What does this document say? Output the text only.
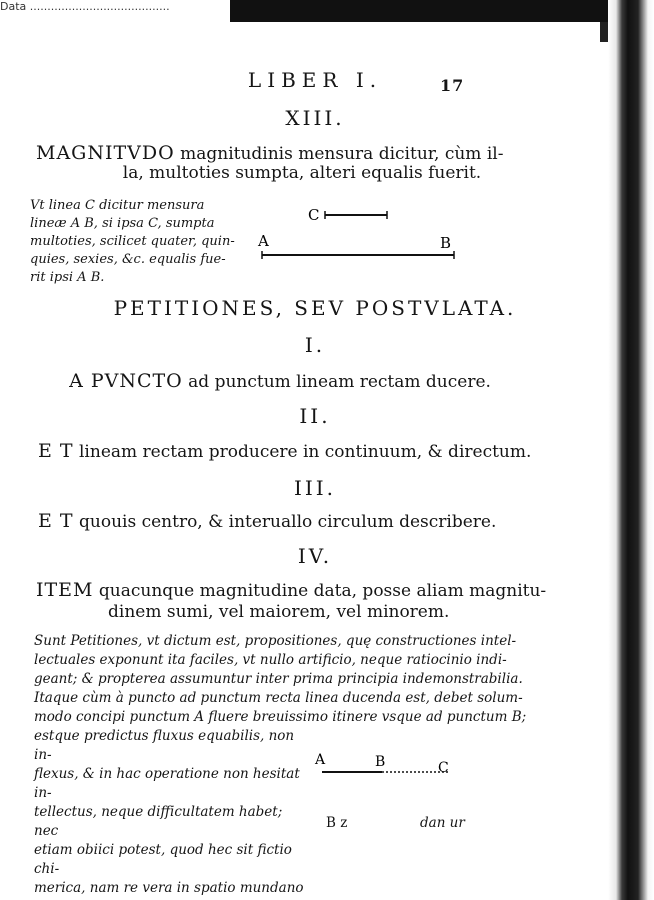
Data ........................................
LIBER I.	17
XIII.
MAGNITVDO magnitudinis mensura dicitur, cùm il-
la, multoties sumpta, alteri equalis fuerit.
Vt linea C dicitur mensura
lineæ A B, si ipsa C, sumpta
multoties, scilicet quater, quin-
quies, sexies, &c. equalis fue-
rit ipsi A B.
C
A	B
PETITIONES, SEV POSTVLATA.
I.
A PVNCTO ad punctum lineam rectam ducere.
II.
E T lineam rectam producere in continuum, & directum.
III.
E T quouis centro, & interuallo circulum describere.
IV.
ITEM quacunque magnitudine data, posse aliam magnitu-
dinem sumi, vel maiorem, vel minorem.
Sunt Petitiones, vt dictum est, propositiones, quę constructiones intel-
lectuales exponunt ita faciles, vt nullo artificio, neque ratiocinio indi-
geant; & propterea assumuntur inter prima principia indemonstrabilia.
Itaque cùm à puncto ad punctum recta linea ducenda est, debet solum-
modo concipi punctum A fluere breuissimo itinere vsque ad punctum B;
estque predictus fluxus equabilis, non in-
flexus, & in hac operatione non hesitat in-
tellectus, neque difficultatem habet; nec
etiam obiici potest, quod hec sit fictio chi-
merica, nam re vera in spatio mundano
A	B	C
B z	dan ur
